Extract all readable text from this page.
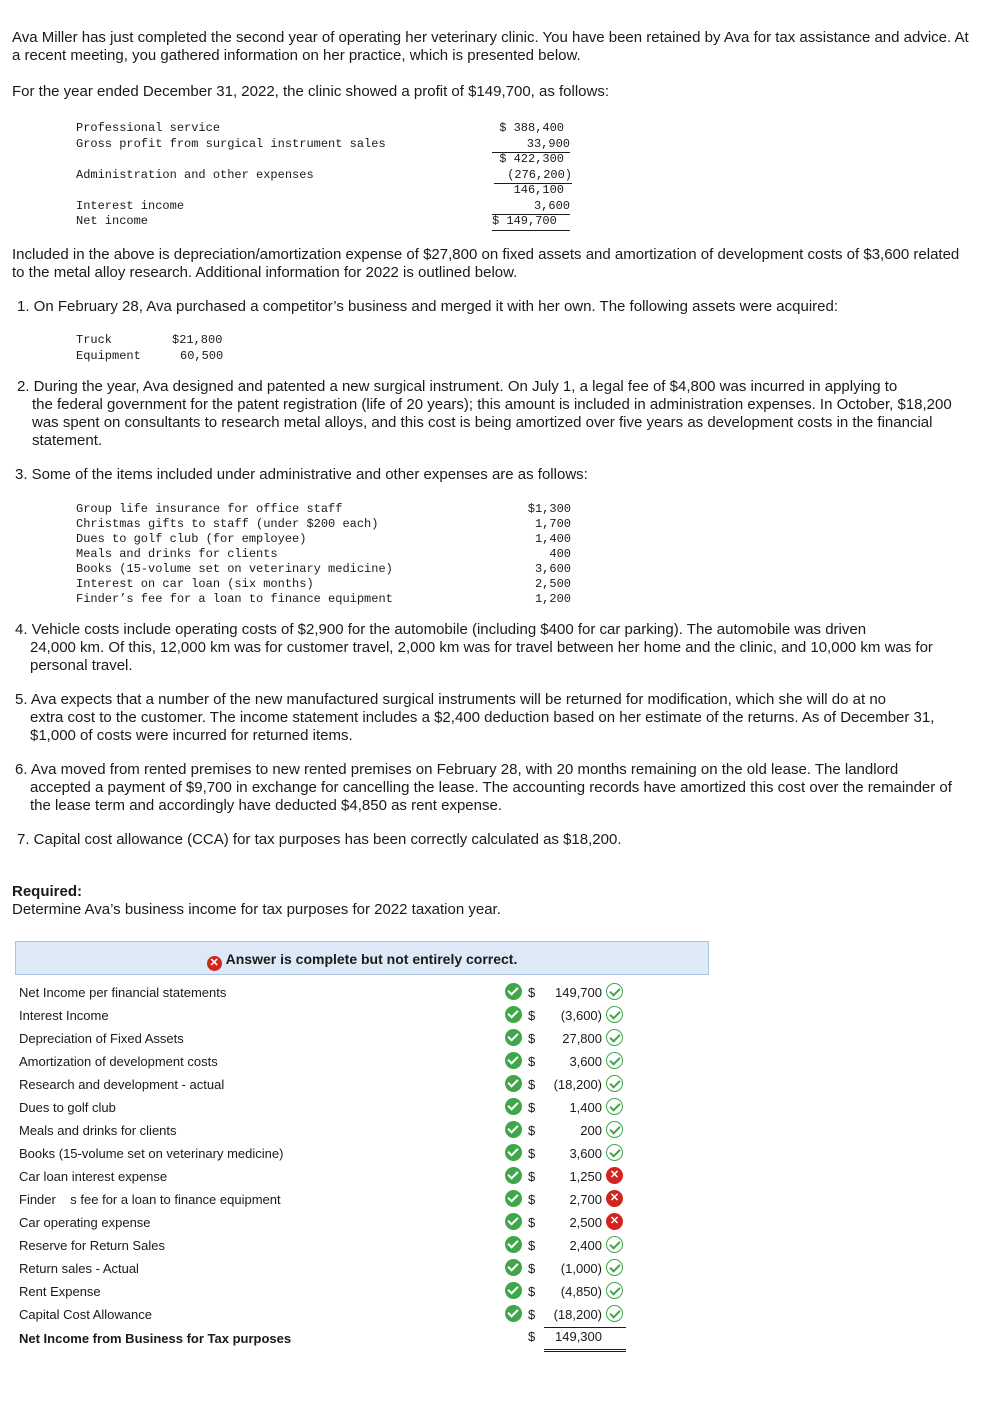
Ava Miller has just completed the second year of operating her veterinary clinic. You have been retained by Ava for tax assistance and advice. At a recent meeting, you gathered information on her practice, which is presented below.
For the year ended December 31, 2022, the clinic showed a profit of $149,700, as follows:
Professional service	$ 388,400
Gross profit from surgical instrument sales	33,900
$ 422,300
Administration and other expenses	(276,200)
146,100
Interest income	3,600
Net income	$ 149,700
Included in the above is depreciation/amortization expense of $27,800 on fixed assets and amortization of development costs of $3,600 related to the metal alloy research. Additional information for 2022 is outlined below.
1. On February 28, Ava purchased a competitor’s business and merged it with her own. The following assets were acquired:
Truck	$21,800
Equipment	60,500
2. During the year, Ava designed and patented a new surgical instrument. On July 1, a legal fee of $4,800 was incurred in applying to
the federal government for the patent registration (life of 20 years); this amount is included in administration expenses. In October, $18,200 was spent on consultants to research metal alloys, and this cost is being amortized over five years as development costs in the financial statement.
3. Some of the items included under administrative and other expenses are as follows:
Group life insurance for office staff	$1,300
Christmas gifts to staff (under $200 each)	1,700
Dues to golf club (for employee)	1,400
Meals and drinks for clients	400
Books (15-volume set on veterinary medicine)	3,600
Interest on car loan (six months)	2,500
Finder’s fee for a loan to finance equipment	1,200
4. Vehicle costs include operating costs of $2,900 for the automobile (including $400 for car parking). The automobile was driven
24,000 km. Of this, 12,000 km was for customer travel, 2,000 km was for travel between her home and the clinic, and 10,000 km was for personal travel.
5. Ava expects that a number of the new manufactured surgical instruments will be returned for modification, which she will do at no
extra cost to the customer. The income statement includes a $2,400 deduction based on her estimate of the returns. As of December 31, $1,000 of costs were incurred for returned items.
6. Ava moved from rented premises to new rented premises on February 28, with 20 months remaining on the old lease. The landlord
accepted a payment of $9,700 in exchange for cancelling the lease. The accounting records have amortized this cost over the remainder of the lease term and accordingly have deducted $4,850 as rent expense.
7. Capital cost allowance (CCA) for tax purposes has been correctly calculated as $18,200.
Required:
Determine Ava’s business income for tax purposes for 2022 taxation year.
✕ Answer is complete but not entirely correct.
Net Income per financial statements	$ 149,700
Interest Income	$ (3,600)
Depreciation of Fixed Assets	$ 27,800
Amortization of development costs	$	3,600
Research and development - actual	$ (18,200)
Dues to golf club	$	1,400
Meals and drinks for clients	$	200
Books (15-volume set on veterinary medicine)	$	3,600
Car loan interest expense	$	1,250 ✕
Finder    s fee for a loan to finance equipment	$	2,700 ✕
Car operating expense	$	2,500 ✕
Reserve for Return Sales	$	2,400
Return sales - Actual	$ (1,000)
Rent Expense	$ (4,850)
Capital Cost Allowance	$ (18,200)
Net Income from Business for Tax purposes	$ 149,300
